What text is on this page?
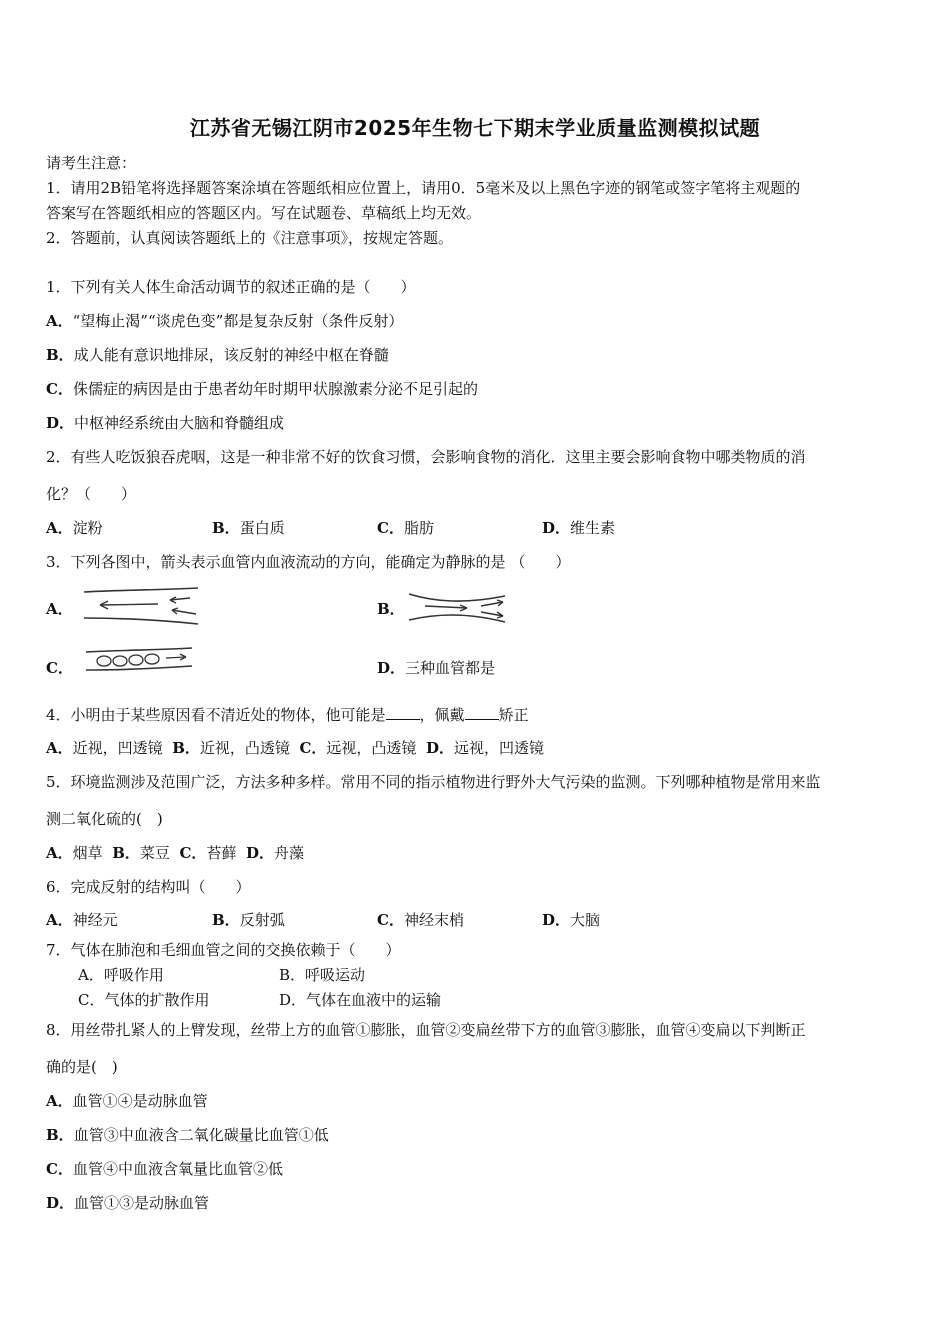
江苏省无锡江阴市2025年生物七下期末学业质量监测模拟试题
请考生注意：
1．请用2B铅笔将选择题答案涂填在答题纸相应位置上，请用0．5毫米及以上黑色字迹的钢笔或签字笔将主观题的
答案写在答题纸相应的答题区内。写在试题卷、草稿纸上均无效。
2．答题前，认真阅读答题纸上的《注意事项》，按规定答题。
1．下列有关人体生命活动调节的叙述正确的是（　　）
A．“望梅止渴”“谈虎色变”都是复杂反射（条件反射）
B．成人能有意识地排尿，该反射的神经中枢在脊髓
C．侏儒症的病因是由于患者幼年时期甲状腺激素分泌不足引起的
D．中枢神经系统由大脑和脊髓组成
2．有些人吃饭狼吞虎咽，这是一种非常不好的饮食习惯，会影响食物的消化．这里主要会影响食物中哪类物质的消
化？（　　）
A．淀粉	B．蛋白质	C．脂肪	D．维生素
3．下列各图中，箭头表示血管内血液流动的方向，能确定为静脉的是 （　　）
A．	B．
C．	D．三种血管都是
4．小明由于某些原因看不清近处的物体，他可能是 ，佩戴 矫正
A．近视，凹透镜 B．近视，凸透镜 C．远视，凸透镜 D．远视，凹透镜
5．环境监测涉及范围广泛，方法多种多样。常用不同的指示植物进行野外大气污染的监测。下列哪种植物是常用来监
测二氧化硫的(　)
A．烟草 B．菜豆 C．苔藓 D．舟藻
6．完成反射的结构叫（　　）
A．神经元	B．反射弧	C．神经末梢	D．大脑
7．气体在肺泡和毛细血管之间的交换依赖于（　　）
A．呼吸作用	B．呼吸运动
C．气体的扩散作用	D．气体在血液中的运输
8．用丝带扎紧人的上臂发现，丝带上方的血管①膨胀，血管②变扁丝带下方的血管③膨胀，血管④变扁以下判断正
确的是(　)
A．血管①④是动脉血管
B．血管③中血液含二氧化碳量比血管①低
C．血管④中血液含氧量比血管②低
D．血管①③是动脉血管
